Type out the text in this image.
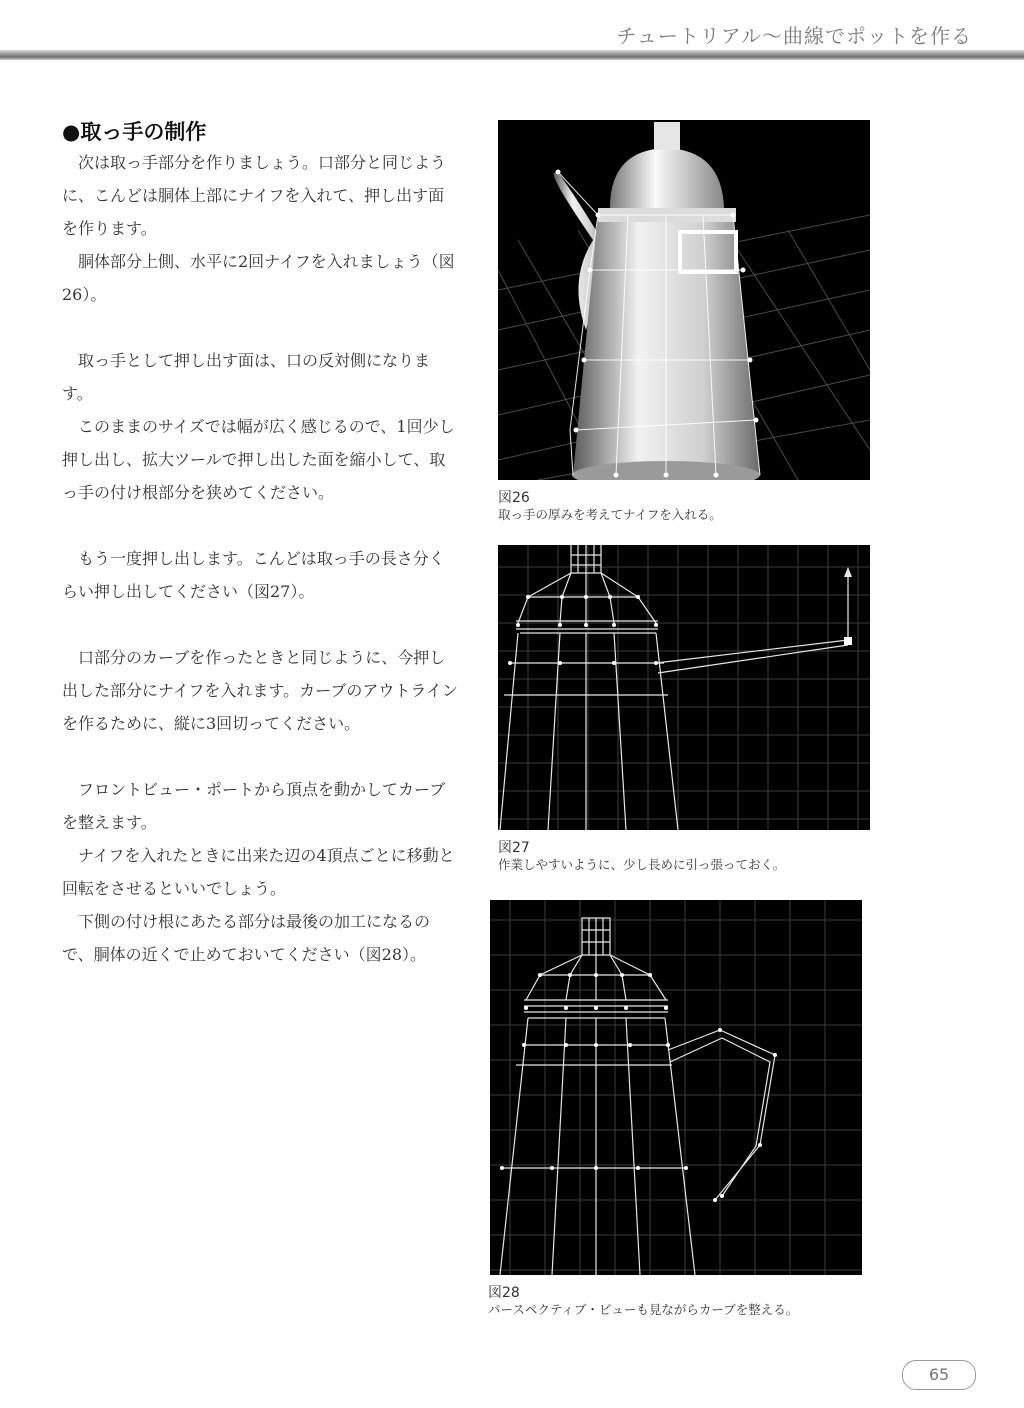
チュートリアル〜曲線でポットを作る
●取っ手の制作

次は取っ手部分を作りましょう。口部分と同じように、こんどは胴体上部にナイフを入れて、押し出す面を作ります。

胴体部分上側、水平に2回ナイフを入れましょう（図26）。

取っ手として押し出す面は、口の反対側になります。

このままのサイズでは幅が広く感じるので、1回少し押し出し、拡大ツールで押し出した面を縮小して、取っ手の付け根部分を狭めてください。

もう一度押し出します。こんどは取っ手の長さ分くらい押し出してください（図27）。

口部分のカーブを作ったときと同じように、今押し出した部分にナイフを入れます。カーブのアウトラインを作るために、縦に3回切ってください。

フロントビュー・ポートから頂点を動かしてカーブを整えます。

ナイフを入れたときに出来た辺の4頂点ごとに移動と回転をさせるといいでしょう。

下側の付け根にあたる部分は最後の加工になるので、胴体の近くで止めておいてください（図28）。

図26
取っ手の厚みを考えてナイフを入れる。
図27
作業しやすいように、少し長めに引っ張っておく。
図28
パースペクティブ・ビューも見ながらカーブを整える。
65
